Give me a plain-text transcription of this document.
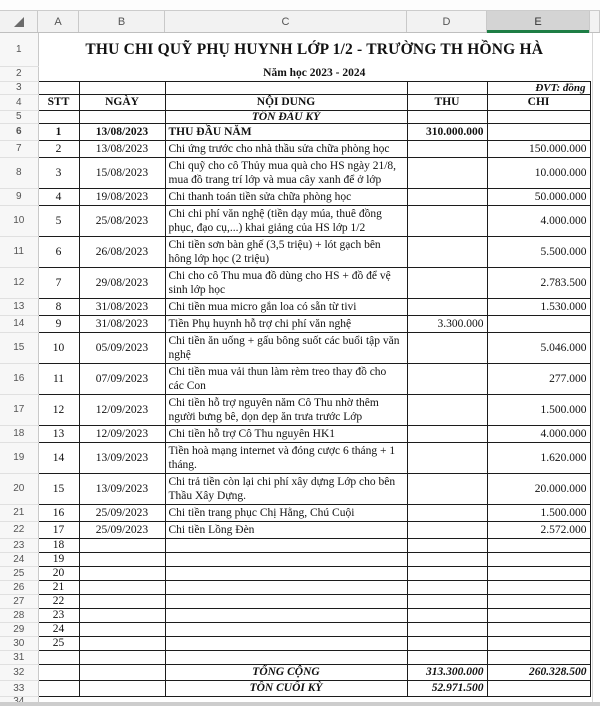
A	B	C	D	E
1	THU CHI QUỸ PHỤ HUYNH LỚP 1/2 - TRƯỜNG TH HỒNG HÀ				
2	Năm học 2023 - 2024				
3					ĐVT: đồng
4	STT	NGÀY	NỘI DUNG	THU	CHI
5			TỒN ĐẦU KỲ		
6	1	13/08/2023	THU ĐẦU NĂM	310.000.000	
7	2	13/08/2023	Chi ứng trước cho nhà thầu sửa chữa phòng học		150.000.000
8	3	15/08/2023	Chi quỹ cho cô Thủy mua quà cho HS ngày 21/8, mua đồ trang trí lớp và mua cây xanh để ở lớp		10.000.000
9	4	19/08/2023	Chi thanh toán tiền sửa chữa phòng học		50.000.000
10	5	25/08/2023	Chi chi phí văn nghệ (tiền dạy múa, thuê đồng phục, đạo cụ,...) khai giảng của HS lớp 1/2		4.000.000
11	6	26/08/2023	Chi tiền sơn bàn ghế (3,5 triệu) + lót gạch bên hông lớp học (2 triệu)		5.500.000
12	7	29/08/2023	Chi cho cô Thu mua đồ dùng cho HS + đồ để vệ sinh lớp học		2.783.500
13	8	31/08/2023	Chi tiền mua micro gắn loa có sẵn từ tivi		1.530.000
14	9	31/08/2023	Tiền Phụ huynh hỗ trợ chi phí văn nghệ	3.300.000	
15	10	05/09/2023	Chi tiền ăn uống + gấu bông suốt các buổi tập văn nghệ		5.046.000
16	11	07/09/2023	Chi tiền mua vải thun làm rèm treo thay đồ cho các Con		277.000
17	12	12/09/2023	Chi tiền hỗ trợ nguyên năm Cô Thu nhờ thêm người bưng bê, dọn dẹp ăn trưa trước Lớp		1.500.000
18	13	12/09/2023	Chi tiền hỗ trợ Cô Thu nguyên HK1		4.000.000
19	14	13/09/2023	Tiền hoà mạng internet và đóng cược 6 tháng + 1 tháng.		1.620.000
20	15	13/09/2023	Chi trả tiền còn lại chi phí xây dựng Lớp cho bên Thầu Xây Dựng.		20.000.000
21	16	25/09/2023	Chi tiền trang phục Chị Hằng, Chú Cuội		1.500.000
22	17	25/09/2023	Chi tiền Lồng Đèn		2.572.000
23	18				
24	19				
25	20				
26	21				
27	22				
28	23				
29	24				
30	25				
31					
32			TỔNG CỘNG	313.300.000	260.328.500
33			TỒN CUỐI KỲ	52.971.500	
